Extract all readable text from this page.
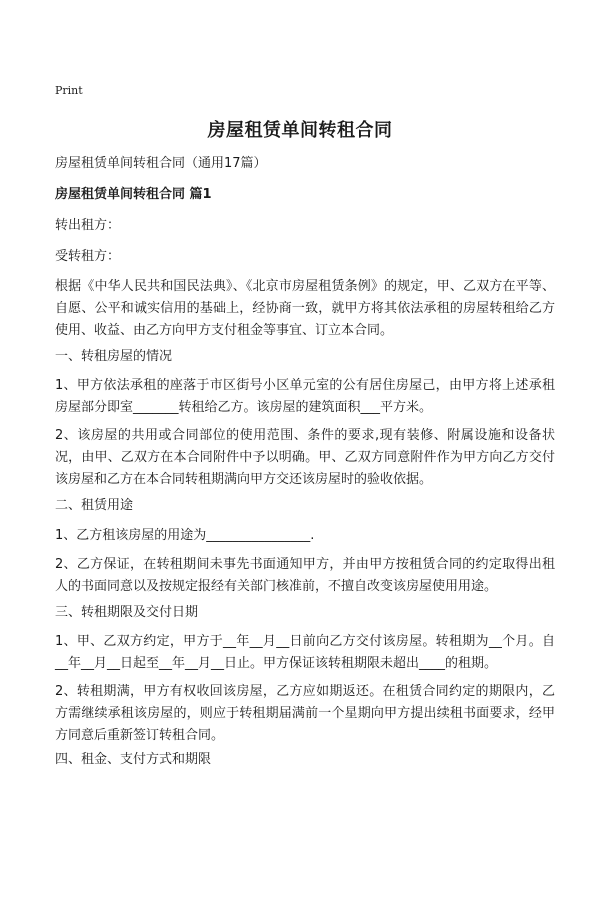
Print
房屋租赁单间转租合同
房屋租赁单间转租合同（通用17篇）
房屋租赁单间转租合同 篇1
转出租方：
受转租方：
根据《中华人民共和国民法典》、《北京市房屋租赁条例》的规定，甲、乙双方在平等、自愿、公平和诚实信用的基础上，经协商一致，就甲方将其依法承租的房屋转租给乙方使用、收益、由乙方向甲方支付租金等事宜、订立本合同。
一、转租房屋的情况
1、甲方依法承租的座落于市区街号小区单元室的公有居住房屋己，由甲方将上述承租房屋部分即室_______转租给乙方。该房屋的建筑面积___平方米。
2、该房屋的共用或合同部位的使用范围、条件的要求,现有装修、附属设施和设备状况，由甲、乙双方在本合同附件中予以明确。甲、乙双方同意附件作为甲方向乙方交付该房屋和乙方在本合同转租期满向甲方交还该房屋时的验收依据。
二、租赁用途
1、乙方租该房屋的用途为________________.
2、乙方保证，在转租期间未事先书面通知甲方，并由甲方按租赁合同的约定取得出租人的书面同意以及按规定报经有关部门核准前，不擅自改变该房屋使用用途。
三、转租期限及交付日期
1、甲、乙双方约定，甲方于__年__月__日前向乙方交付该房屋。转租期为__个月。自__年__月__日起至__年__月__日止。甲方保证该转租期限未超出____的租期。
2、转租期满，甲方有权收回该房屋，乙方应如期返还。在租赁合同约定的期限内，乙方需继续承租该房屋的，则应于转租期届满前一个星期向甲方提出续租书面要求，经甲方同意后重新签订转租合同。
四、租金、支付方式和期限
